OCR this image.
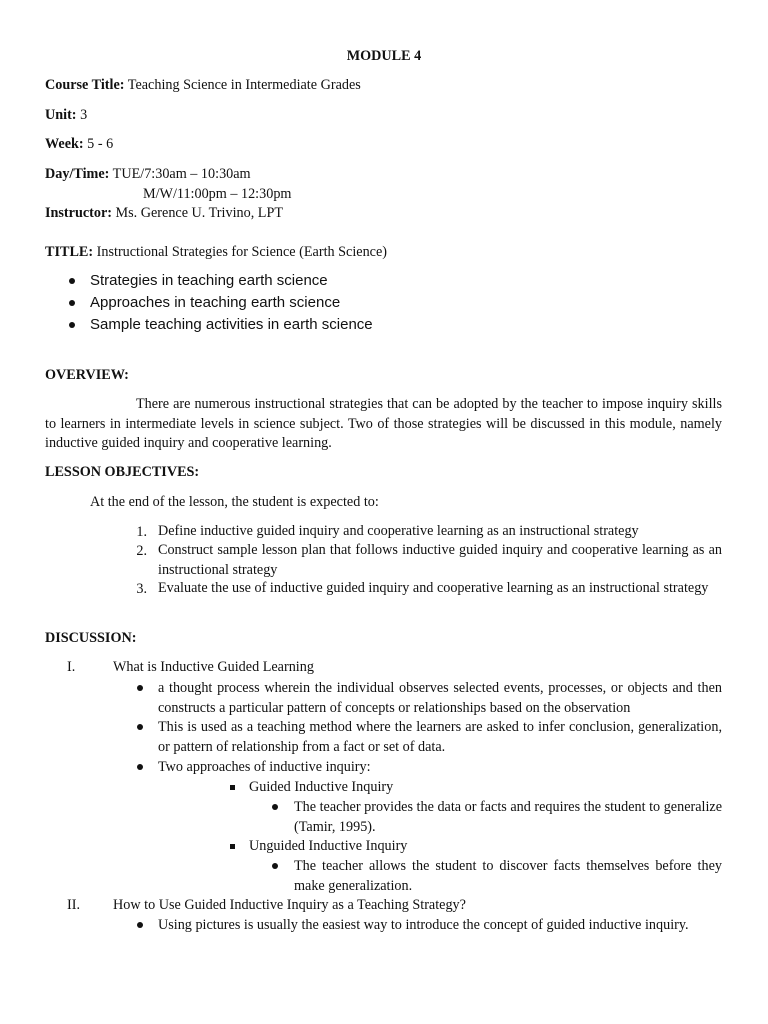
MODULE 4
Course Title: Teaching Science in Intermediate Grades
Unit: 3
Week: 5 - 6
Day/Time: TUE/7:30am – 10:30am
M/W/11:00pm – 12:30pm
Instructor: Ms. Gerence U. Trivino, LPT
TITLE: Instructional Strategies for Science (Earth Science)
Strategies in teaching earth science
Approaches in teaching earth science
Sample teaching activities in earth science
OVERVIEW:
There are numerous instructional strategies that can be adopted by the teacher to impose inquiry skills to learners in intermediate levels in science subject. Two of those strategies will be discussed in this module, namely inductive guided inquiry and cooperative learning.
LESSON OBJECTIVES:
At the end of the lesson, the student is expected to:
1. Define inductive guided inquiry and cooperative learning as an instructional strategy
2. Construct sample lesson plan that follows inductive guided inquiry and cooperative learning as an instructional strategy
3. Evaluate the use of inductive guided inquiry and cooperative learning as an instructional strategy
DISCUSSION:
I.	What is Inductive Guided Learning
a thought process wherein the individual observes selected events, processes, or objects and then constructs a particular pattern of concepts or relationships based on the observation
This is used as a teaching method where the learners are asked to infer conclusion, generalization, or pattern of relationship from a fact or set of data.
Two approaches of inductive inquiry:
Guided Inductive Inquiry
The teacher provides the data or facts and requires the student to generalize (Tamir, 1995).
Unguided Inductive Inquiry
The teacher allows the student to discover facts themselves before they make generalization.
II. How to Use Guided Inductive Inquiry as a Teaching Strategy?
Using pictures is usually the easiest way to introduce the concept of guided inductive inquiry.
